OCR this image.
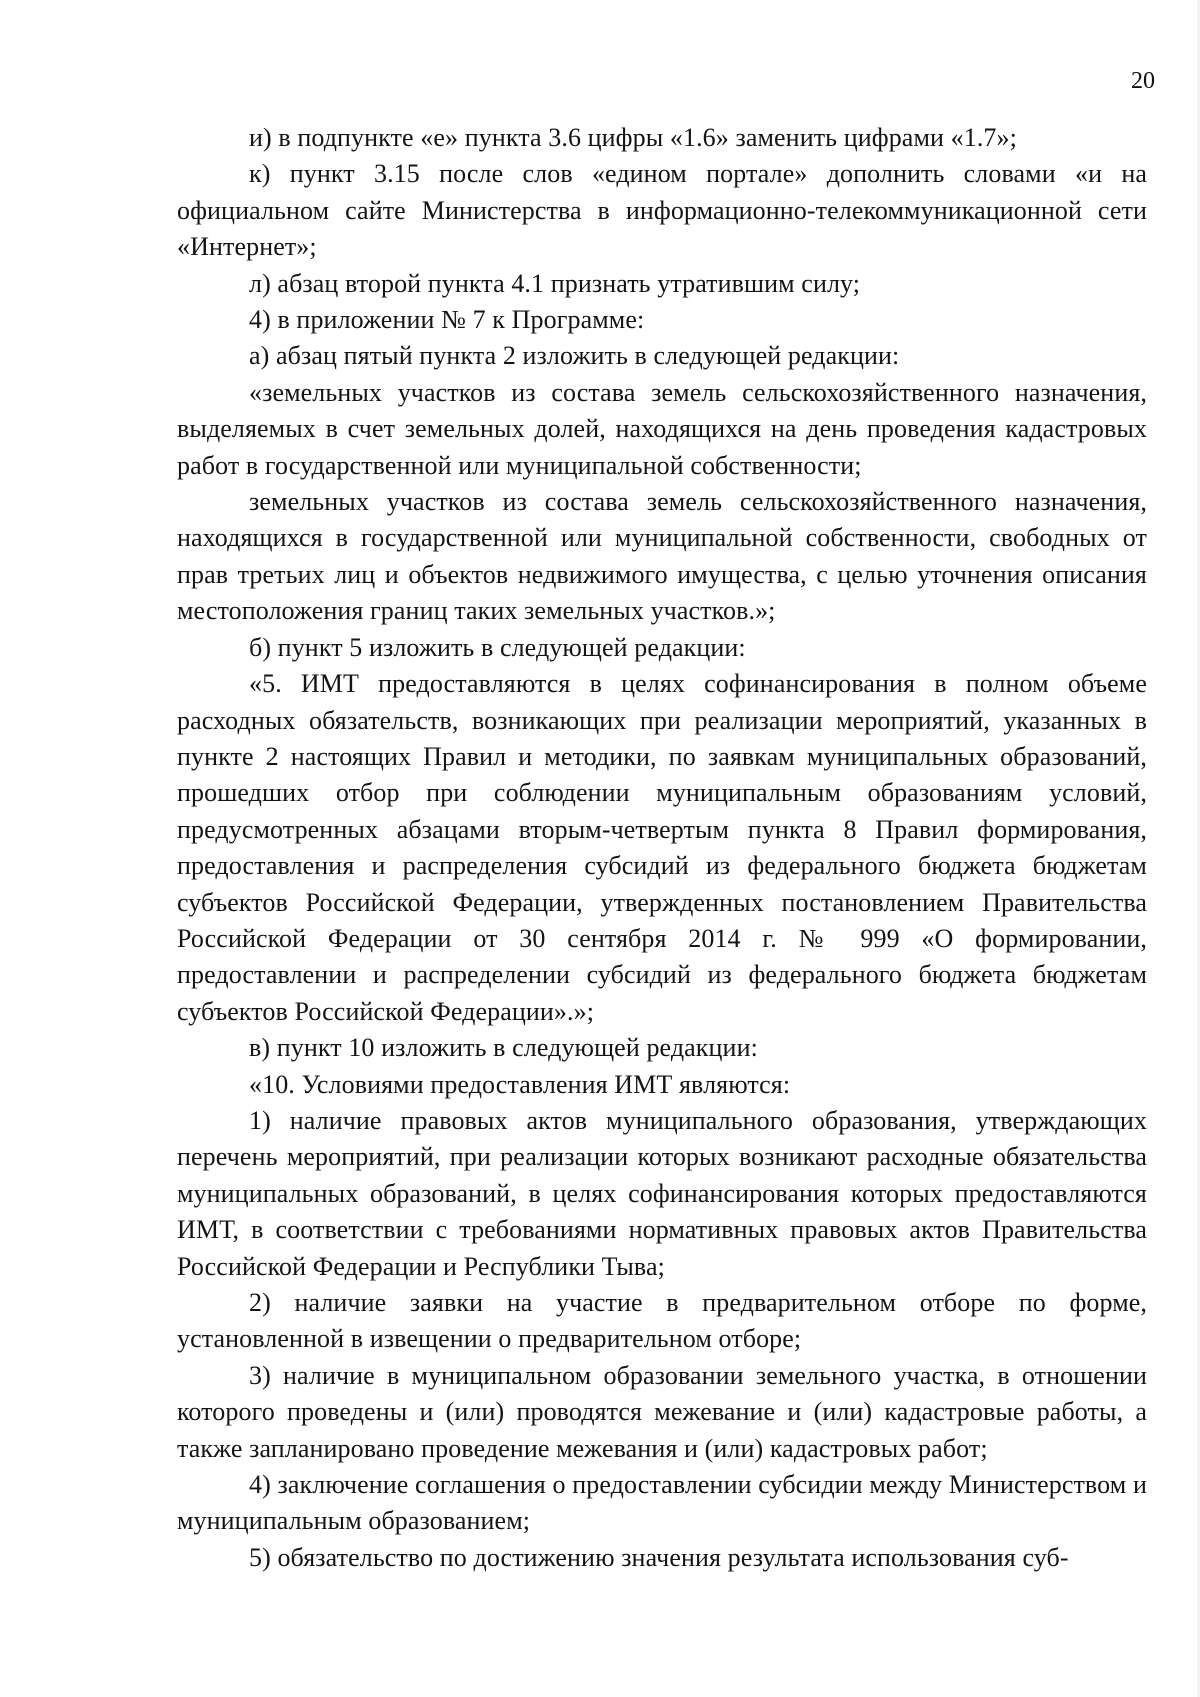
20

и) в подпункте «е» пункта 3.6 цифры «1.6» заменить цифрами «1.7»;

к) пункт 3.15 после слов «едином портале» дополнить словами «и на официальном сайте Министерства в информационно-телекоммуникационной сети «Интернет»;

л) абзац второй пункта 4.1 признать утратившим силу;

4) в приложении № 7 к Программе:

а) абзац пятый пункта 2 изложить в следующей редакции:

«земельных участков из состава земель сельскохозяйственного назначения, выделяемых в счет земельных долей, находящихся на день проведения кадастровых работ в государственной или муниципальной собственности;

земельных участков из состава земель сельскохозяйственного назначения, находящихся в государственной или муниципальной собственности, свободных от прав третьих лиц и объектов недвижимого имущества, с целью уточнения описания местоположения границ таких земельных участков.»;

б) пункт 5 изложить в следующей редакции:

«5. ИМТ предоставляются в целях софинансирования в полном объеме расходных обязательств, возникающих при реализации мероприятий, указанных в пункте 2 настоящих Правил и методики, по заявкам муниципальных образований, прошедших отбор при соблюдении муниципальным образованиям условий, предусмотренных абзацами вторым-четвертым пункта 8 Правил формирования, предоставления и распределения субсидий из федерального бюджета бюджетам субъектов Российской Федерации, утвержденных постановлением Правительства Российской Федерации от 30 сентября 2014 г. № 999 «О формировании, предоставлении и распределении субсидий из федерального бюджета бюджетам субъектов Российской Федерации».»;

в) пункт 10 изложить в следующей редакции:

«10. Условиями предоставления ИМТ являются:

1) наличие правовых актов муниципального образования, утверждающих перечень мероприятий, при реализации которых возникают расходные обязательства муниципальных образований, в целях софинансирования которых предоставляются ИМТ, в соответствии с требованиями нормативных правовых актов Правительства Российской Федерации и Республики Тыва;

2) наличие заявки на участие в предварительном отборе по форме, установленной в извещении о предварительном отборе;

3) наличие в муниципальном образовании земельного участка, в отношении которого проведены и (или) проводятся межевание и (или) кадастровые работы, а также запланировано проведение межевания и (или) кадастровых работ;

4) заключение соглашения о предоставлении субсидии между Министерством и муниципальным образованием;

5) обязательство по достижению значения результата использования суб-
